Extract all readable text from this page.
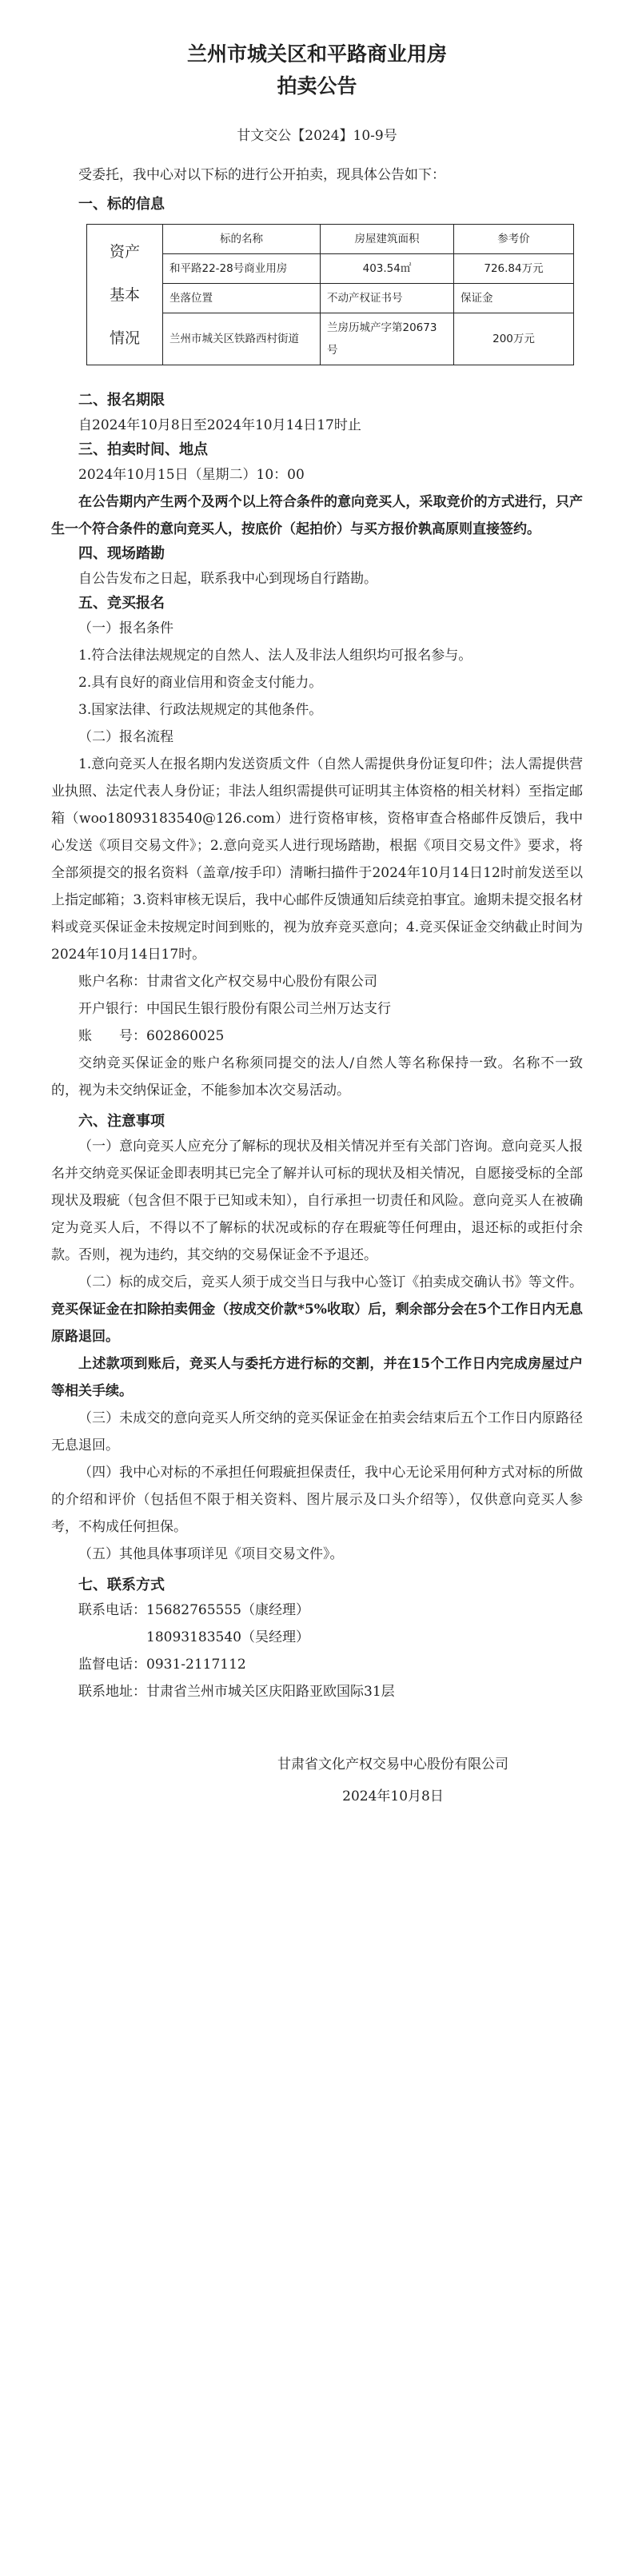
兰州市城关区和平路商业用房
拍卖公告
甘文交公【2024】10-9号

受委托，我中心对以下标的进行公开拍卖，现具体公告如下：

一、标的信息

资产
基本
情况	标的名称	房屋建筑面积	参考价
	和平路22-28号商业用房	403.54㎡	726.84万元
	坐落位置	不动产权证书号	保证金
	兰州市城关区铁路西村街道	兰房历城产字第20673号	200万元

二、报名期限

自2024年10月8日至2024年10月14日17时止

三、拍卖时间、地点

2024年10月15日（星期二）10：00

在公告期内产生两个及两个以上符合条件的意向竞买人，采取竞价的方式进行，只产生一个符合条件的意向竞买人，按底价（起拍价）与买方报价孰高原则直接签约。

四、现场踏勘

自公告发布之日起，联系我中心到现场自行踏勘。

五、竞买报名

（一）报名条件

1.符合法律法规规定的自然人、法人及非法人组织均可报名参与。

2.具有良好的商业信用和资金支付能力。

3.国家法律、行政法规规定的其他条件。

（二）报名流程

1.意向竞买人在报名期内发送资质文件（自然人需提供身份证复印件；法人需提供营业执照、法定代表人身份证；非法人组织需提供可证明其主体资格的相关材料）至指定邮箱（woo18093183540@126.com）进行资格审核，资格审查合格邮件反馈后，我中心发送《项目交易文件》；2.意向竞买人进行现场踏勘，根据《项目交易文件》要求，将全部须提交的报名资料（盖章/按手印）清晰扫描件于2024年10月14日12时前发送至以上指定邮箱；3.资料审核无误后，我中心邮件反馈通知后续竞拍事宜。逾期未提交报名材料或竞买保证金未按规定时间到账的，视为放弃竞买意向；4.竞买保证金交纳截止时间为2024年10月14日17时。

账户名称：甘肃省文化产权交易中心股份有限公司

开户银行：中国民生银行股份有限公司兰州万达支行

账　　号：602860025

交纳竞买保证金的账户名称须同提交的法人/自然人等名称保持一致。名称不一致的，视为未交纳保证金，不能参加本次交易活动。

六、注意事项

（一）意向竞买人应充分了解标的现状及相关情况并至有关部门咨询。意向竞买人报名并交纳竞买保证金即表明其已完全了解并认可标的现状及相关情况，自愿接受标的全部现状及瑕疵（包含但不限于已知或未知），自行承担一切责任和风险。意向竞买人在被确定为竞买人后，不得以不了解标的状况或标的存在瑕疵等任何理由，退还标的或拒付余款。否则，视为违约，其交纳的交易保证金不予退还。

（二）标的成交后，竞买人须于成交当日与我中心签订《拍卖成交确认书》等文件。竞买保证金在扣除拍卖佣金（按成交价款*5%收取）后，剩余部分会在5个工作日内无息原路退回。

上述款项到账后，竞买人与委托方进行标的交割，并在15个工作日内完成房屋过户等相关手续。

（三）未成交的意向竞买人所交纳的竞买保证金在拍卖会结束后五个工作日内原路径无息退回。

（四）我中心对标的不承担任何瑕疵担保责任，我中心无论采用何种方式对标的所做的介绍和评价（包括但不限于相关资料、图片展示及口头介绍等），仅供意向竞买人参考，不构成任何担保。

（五）其他具体事项详见《项目交易文件》。

七、联系方式

联系电话：15682765555（康经理）

18093183540（吴经理）

监督电话：0931-2117112

联系地址：甘肃省兰州市城关区庆阳路亚欧国际31层

甘肃省文化产权交易中心股份有限公司
2024年10月8日
